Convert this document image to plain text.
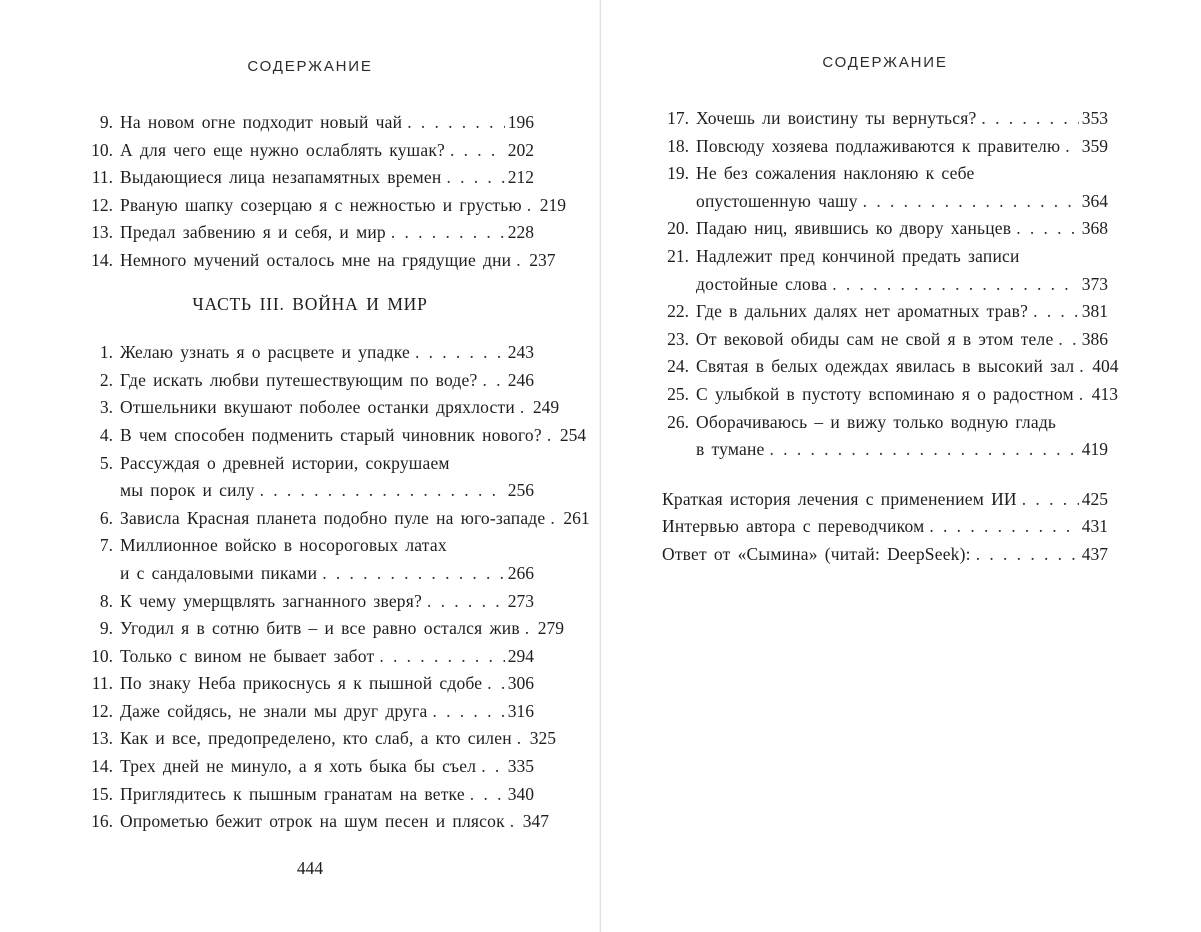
СОДЕРЖАНИЕ
9. На новом огне подходит новый чай . . .	196
10. А для чего еще нужно ослаблять кушак? . . .	202
11. Выдающиеся лица незапамятных времен . . .	212
12. Рваную шапку созерцаю я с нежностью и грустью . . . 219
13. Предал забвению я и себя, и мир . . .	228
14. Немного мучений осталось мне на грядущие дни . . . 237
ЧАСТЬ III. ВОЙНА И МИР
1. Желаю узнать я о расцвете и упадке . . .	243
2. Где искать любви путешествующим по воде? . . . 246
3. Отшельники вкушают поболее останки дряхлости . . . 249
4. В чем способен подменить старый чиновник нового? . . . 254
5. Рассуждая о древней истории, сокрушаем
мы порок и силу . . .	256
6. Зависла Красная планета подобно пуле на юго-западе . . . 261
7. Миллионное войско в носороговых латах
и с сандаловыми пиками . . .	266
8. К чему умерщвлять загнанного зверя? . . .	273
9. Угодил я в сотню битв – и все равно остался жив . . . 279
10. Только с вином не бывает забот . . .	294
11. По знаку Неба прикоснусь я к пышной сдобе . . . 306
12. Даже сойдясь, не знали мы друг друга . . .	316
13. Как и все, предопределено, кто слаб, а кто силен . . . 325
14. Трех дней не минуло, а я хоть быка бы съел . . . 335
15. Приглядитесь к пышным гранатам на ветке . . . 340
16. Опрометью бежит отрок на шум песен и плясок . . . 347
444
СОДЕРЖАНИЕ
17. Хочешь ли воистину ты вернуться? . . .	353
18. Повсюду хозяева подлаживаются к правителю . . . 359
19. Не без сожаления наклоняю к себе
опустошенную чашу . . .	364
20. Падаю ниц, явившись ко двору ханьцев . . .	368
21. Надлежит пред кончиной предать записи
достойные слова . . .	373
22. Где в дальних далях нет ароматных трав? . . .	381
23. От вековой обиды сам не свой я в этом теле . . . 386
24. Святая в белых одеждах явилась в высокий зал . . . 404
25. С улыбкой в пустоту вспоминаю я о радостном . . . 413
26. Оборачиваюсь – и вижу только водную гладь
в тумане . . .	419
Краткая история лечения с применением ИИ . . .	425
Интервью автора с переводчиком . . .	431
Ответ от «Сымина» (читай: DeepSeek): . . .	437
